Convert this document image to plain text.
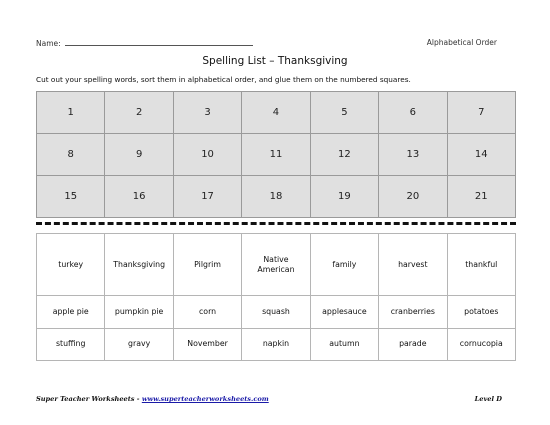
Name:	Alphabetical Order
Spelling List – Thanksgiving
Cut out your spelling words, sort them in alphabetical order, and glue them on the numbered squares.
1	2	3	4	5	6	7
8	9	10	11	12	13	14
15	16	17	18	19	20	21
turkey	Thanksgiving	Pilgrim	Native American	family	harvest	thankful
apple pie	pumpkin pie	corn	squash	applesauce	cranberries	potatoes
stuffing	gravy	November	napkin	autumn	parade	cornucopia
Super Teacher Worksheets - www.superteacherworksheets.com	Level D
